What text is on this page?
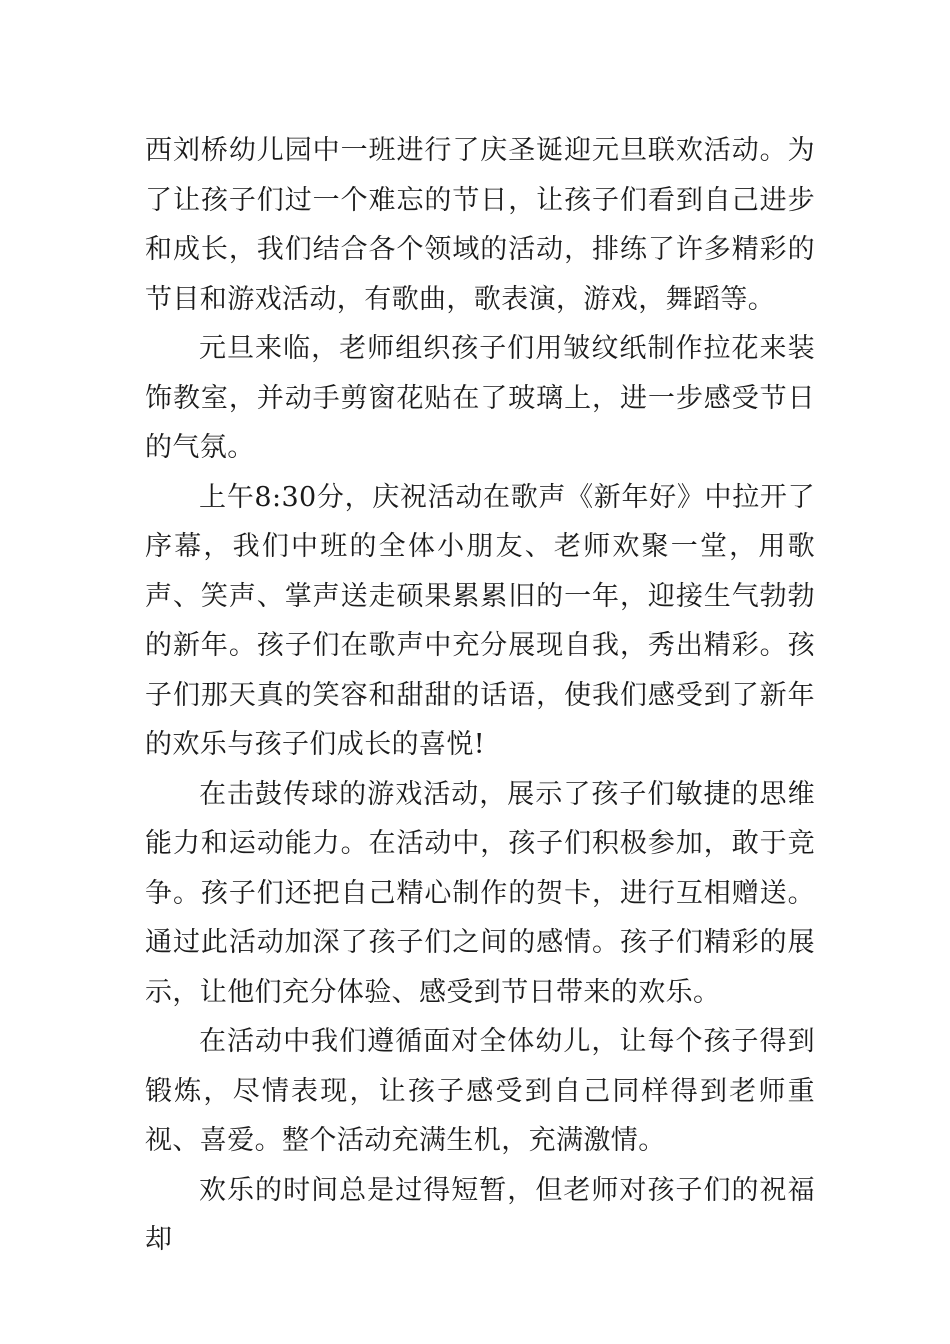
西刘桥幼儿园中一班进行了庆圣诞迎元旦联欢活动。为了让孩子们过一个难忘的节日，让孩子们看到自己进步和成长，我们结合各个领域的活动，排练了许多精彩的节目和游戏活动，有歌曲，歌表演，游戏，舞蹈等。

元旦来临，老师组织孩子们用皱纹纸制作拉花来装饰教室，并动手剪窗花贴在了玻璃上，进一步感受节日的气氛。

上午8:30分，庆祝活动在歌声《新年好》中拉开了序幕，我们中班的全体小朋友、老师欢聚一堂，用歌声、笑声、掌声送走硕果累累旧的一年，迎接生气勃勃的新年。孩子们在歌声中充分展现自我，秀出精彩。孩子们那天真的笑容和甜甜的话语，使我们感受到了新年的欢乐与孩子们成长的喜悦!

在击鼓传球的游戏活动，展示了孩子们敏捷的思维能力和运动能力。在活动中，孩子们积极参加，敢于竞争。孩子们还把自己精心制作的贺卡，进行互相赠送。通过此活动加深了孩子们之间的感情。孩子们精彩的展示，让他们充分体验、感受到节日带来的欢乐。

在活动中我们遵循面对全体幼儿，让每个孩子得到锻炼，尽情表现，让孩子感受到自己同样得到老师重视、喜爱。整个活动充满生机，充满激情。

欢乐的时间总是过得短暂，但老师对孩子们的祝福却
